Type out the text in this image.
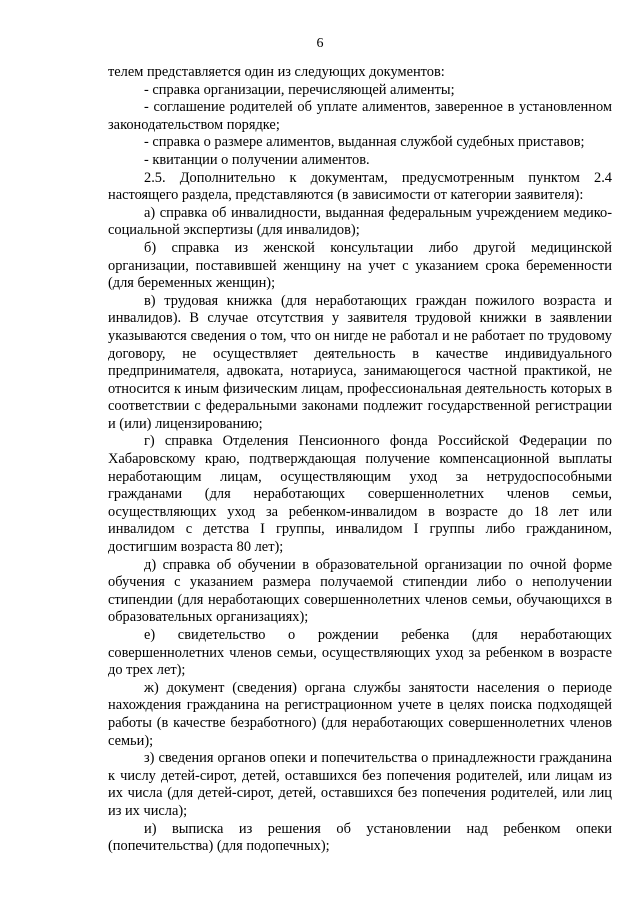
6

телем представляется один из следующих документов:

- справка организации, перечисляющей алименты;

- соглашение родителей об уплате алиментов, заверенное в установленном законодательством порядке;

- справка о размере алиментов, выданная службой судебных приставов;

- квитанции о получении алиментов.

2.5. Дополнительно к документам, предусмотренным пунктом 2.4 настоящего раздела, представляются (в зависимости от категории заявителя):

а) справка об инвалидности, выданная федеральным учреждением медико-социальной экспертизы (для инвалидов);

б) справка из женской консультации либо другой медицинской организации, поставившей женщину на учет с указанием срока беременности (для беременных женщин);

в) трудовая книжка (для неработающих граждан пожилого возраста и инвалидов). В случае отсутствия у заявителя трудовой книжки в заявлении указываются сведения о том, что он нигде не работал и не работает по трудовому договору, не осуществляет деятельность в качестве индивидуального предпринимателя, адвоката, нотариуса, занимающегося частной практикой, не относится к иным физическим лицам, профессиональная деятельность которых в соответствии с федеральными законами подлежит государственной регистрации и (или) лицензированию;

г) справка Отделения Пенсионного фонда Российской Федерации по Хабаровскому краю, подтверждающая получение компенсационной выплаты неработающим лицам, осуществляющим уход за нетрудоспособными гражданами (для неработающих совершеннолетних членов семьи, осуществляющих уход за ребенком-инвалидом в возрасте до 18 лет или инвалидом с детства I группы, инвалидом I группы либо гражданином, достигшим возраста 80 лет);

д) справка об обучении в образовательной организации по очной форме обучения с указанием размера получаемой стипендии либо о неполучении стипендии (для неработающих совершеннолетних членов семьи, обучающихся в образовательных организациях);

е) свидетельство о рождении ребенка (для неработающих совершеннолетних членов семьи, осуществляющих уход за ребенком в возрасте до трех лет);

ж) документ (сведения) органа службы занятости населения о периоде нахождения гражданина на регистрационном учете в целях поиска подходящей работы (в качестве безработного) (для неработающих совершеннолетних членов семьи);

з) сведения органов опеки и попечительства о принадлежности гражданина к числу детей-сирот, детей, оставшихся без попечения родителей, или лицам из их числа (для детей-сирот, детей, оставшихся без попечения родителей, или лиц из их числа);

и) выписка из решения об установлении над ребенком опеки (попечительства) (для подопечных);
